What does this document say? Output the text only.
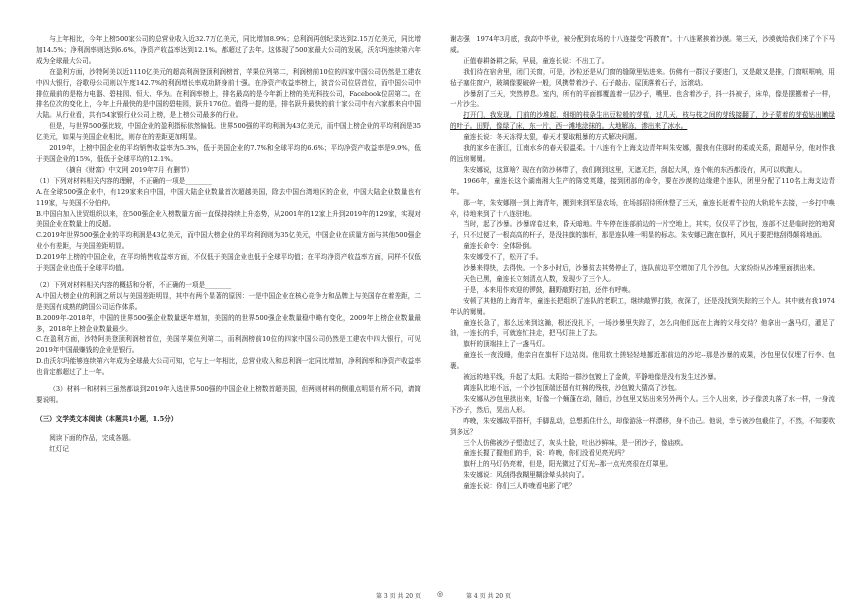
与上年相比，今年上榜500家公司的总营业收入近32.7万亿美元，同比增加8.9%；总利润再创纪录达到2.15万亿美元，同比增加14.5%；净利润率则达到6.6%，净资产收益率达到12.1%。都超过了去年。这体现了500家最大公司的发展，沃尔玛连续第六年成为全球最大公司。

在盈利方面，沙特阿美以近1110亿美元的超高利润登顶利润榜首，苹果位列第二，利润榜前10位的四家中国公司仍然是工建农中四大银行，谷歌母公司则以午度142.7%的利润增长率成功跻身前十强。在净资产收益率榜上，波音公司位居首位，而中国公司中排位最前的是格力电器、碧桂园、恒大、华为。在利润率榜上，排名最高的是今年新上榜的美光科技公司，Facebook位居第二。在排名位次的变化上，今年上升最快的是中国的碧桂园，跃升176位。值得一提的是，排名跃升最快的前十家公司中有六家都来自中国大陆。从行业看，共有54家银行业公司上榜，是上榜公司最多的行业。

但是，与世界500强比较，中国企业的盈利指标依然偏低。世界500强的平均利润为43亿美元，而中国上榜企业的平均利润是35亿美元，如果与美国企业相比，则存在的差距更加明显。

2019年，上榜中国企业的平均销售收益率为5.3%，低于美国企业的7.7%和全球平均的6.6%；平均净资产收益率是9.9%，低于美国企业的15%，低低于全球平均的12.1%。

（摘自《财富》中文网 2019年7月 有删节）

（1）下列对材料相关内容的理解，不正确的一项是________

A.在全球500强企业中，有129家来自中国，中国大陆企业数量首次超越美国，除去中国台湾地区的企业，中国大陆企业数量也有119家，与美国不分伯仲。

B.中国自加入世贸组织以来，在500强企业入榜数量方面一直保持持续上升态势，从2001年的12家上升到2019年的129家，实现对美国企业在数量上的反超。

C.2019年世界500强企业的平均利润是43亿美元，而中国大榜企业的平均利润则为35亿美元，中国企业在质量方面与其他500强企业小有差距，与美国差距明显。

D.2019年上榜的中国企业，在平均销售收益率方面，不仅低于美国企业也低于全球平均值；在平均净资产收益率方面，同样不仅低于美国企业也低于全球平均值。

（2）下列对材料相关内容的概括和分析，不正确的一项是________

A.中国大榜企业的利润之所以与美国差距明显，其中有两个显著的原因：一是中国企业在核心竞争力和品牌上与美国存在着差距，二是美国有成熟的跨国公司运作体系。

B.2009年-2018年，中国的世界500强企业数量逐年增加，美国的的世界500强企业数量稳中略有变化，2009年上榜企业数量最多，2018年上榜企业数量最少。

C.在盈利方面，沙特阿美登顶利润榜首位，美国苹果位列第二，而利润榜前10位的四家中国公司仍然是工建农中四大银行，可见2019年中国最赚钱的企业是银行。

D.由沃尔玛能够连续第六年成为全球最大公司可知，它与上一年相比，总营业收入和总利润一定同比增加，净利润率和净资产收益率也肯定都超过了上一年。

（3）材料一和材料三虽然都谈到2019年入选世界500强的中国企业上榜数首超美国，但两则材料的侧重点明显有所不同，请简要说明。

（三）文学类文本阅读（本题共1小题，1.5分）

阅读下面的作品，完成各题。

红灯记

谢志强　1974年3月底，我高中毕业，被分配到农场的十八连接受“再教育”。十八连紧挨着沙漠。第三天，沙漠就给我们来了个下马威。

正值春耕备耕之际，早晨，童连长说：不出工了。

我们待在宿舍里，闭门关窗，可是，沙粒还是从门窗的缝隙里钻进来。仿佛有一群汉子要进门，又是敲又是推，门窗哐哐响，用毡子塞住窗户，玻璃像要破碎一般，风携带着沙子、石子敲击、屋顶落着石子，远滚动。

沙暴刮了三天，突然停息。室内，所有的平面都覆盖着一层沙子，嘴里、也含着沙子，抖一抖被子，床单，像是摆搬着子一样，一片沙尘。

打开门，我发现，门前的沙堆起，细细的枝条生出豆粒般的芽苞，过几天，枝与枝之间的芽线接翻了，沙子蒙着的芽苞钻出嫩绿的叶子。田野，像绿了床，东一片，西一滩地涂抹的。大地解冻，渗出来了冰水。

童连长说：冬天冻得太狠，春天才要取粗暴的方式解决问题。

我的家乡在浙江，江南水乡的春天很温柔。十八连有个上海支边青年叫朱安娜，握我有住那时的柔或关系，跟超早分，他对作我的远房舅舅。

朱安娜说，这算啥？现在有防沙林带了，我们刚到这里，无遮无拦，刮起大风，连个帐的东西都没有，风可以吹跑人。

1966年，童连长这个湖南湘大生产的陈党英雄，接到团部的命令，要在沙漠的边缘建个连队，团里分配了110名上海支边青年。

那一年，朱安娜刚一到上海青年，搬到来到军垦农场，在场部招待所休整了三天，童连长赶着牛拉的大轨轮车去接，一乡打中唤卒，待地来到了十八连驻地。

当时，起了沙暴。沙暴席卷过来，昏天暗地。牛车停在连部前边的一片空地上，其实，仅仅平了沙包，连部不过是临时挖的地窝子，只不过便了一根高高的杆子，是没挂旗的旗杆，那是连队唯一明显的标志。朱安娜已跑在旗杆，风凡于要把他刮得颠将地面。

童连长命令：全体卧倒。

朱安娜受不了，松开了手。

沙暴来得快，去得快。一个多小时后，沙暴贫去其势停止了，连队前边平空增加了几个沙包。大家纷纷从沙堆里面拱出来。

天色已黑，童连长立刻清点人数，发现少了三个人。

于是，本来用作欢迎的锣鼓，翻野敲野打拍，还伴有呼唤。

安顿了其他的上海青年，童连长把组织了连队的老职工，继续敲锣打鼓，夜深了，还是没找到失踪的三个人。其中就有我1974年认的舅舅。

童连长急了，那么远来到这瀚，根还没扎下，一场沙暴里失踪了，怎么向他们远在上海的父母交待？他拿出一盏马灯，灌足了油，一连长的手，可就连忙挂走，把马灯挂上了去。

旗杆的顶端挂上了一盏马灯。

童连长一夜没睡，他亲自在旗杆下边站岗。他用软土搓轻轻地挪近那前边的沙坨--那是沙暴的成果，沙包里仅仅埋了行李、包裹。

被远的地平线，升起了太阳。太阳给一群沙包镀上了金黄，平静地像是没有发生过沙暴。

离连队比地不远，一个沙包顶端还留有红棉的残枝，沙包镀大猜高了沙包。

朱安娜从沙包里拱出来，好像一个蛹蓬在动，随后，沙包里又钻出来另外两个人。三个人出来，沙子像羡丸落了水一样，一身流下沙子，然后，晃出人形。

咋晚，朱安娜故平搭杆，手脚乱动，总想抓住什么，却像游泳一样漂移，身不由己。他说，幸亏被沙包截住了，不然，不知要吹到多远？

三个人仿佛被沙子塑造过了，灰头土脸，吐出沙鲜味，是一团沙子，像庙疾。

童连长握了握他们的手，说：昨晚，你们没看见亮光吗？

旗杆上的马灯仍亮着，但是，阳光微过了灯光--那一点光亮很在灯罩里。

朱安娜说：风刮得我糊里糊涂晕头转向了。

童连长说：你们三人昨晚看电影了吧？

第 3 页 共 20 页 ◎	第 4 页 共 20 页
